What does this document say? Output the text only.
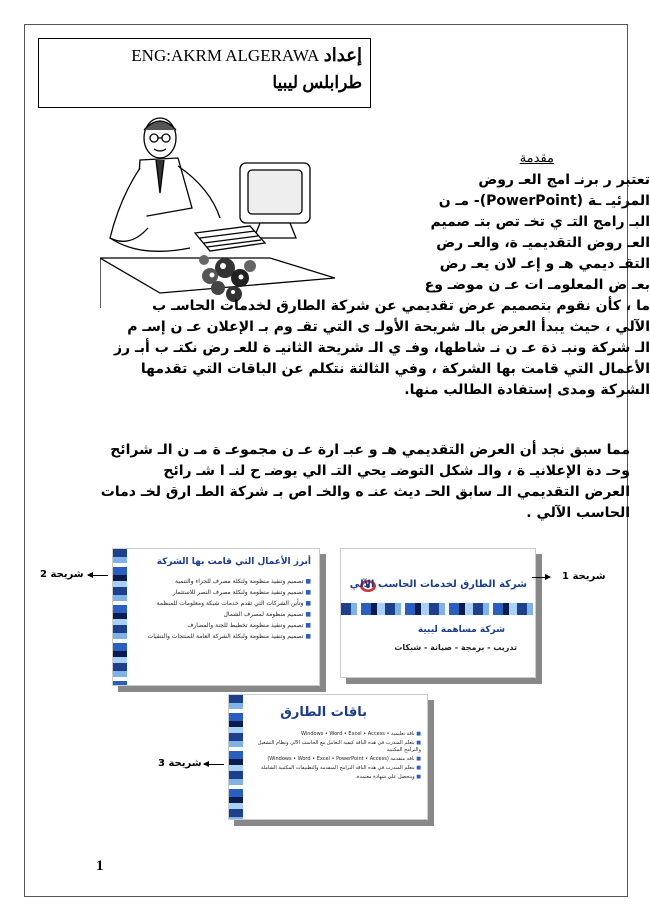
إعداد ENG:AKRM ALGERAWA
طرابلس ليبيا
مقدمة
تعتبر ر برنـ امج العـ روض
المرئيـ ـة (PowerPoint)- مـ ن
البـ رامج التـ ي تخـ تص بتـ صميم
العـ روض التقديميـ ة، والعـ رض
التقـ ديمي هـ و إعـ لان يعـ رض
بعـ ض المعلومـ ات عـ ن موضـ وع
ما ، كأن نقوم بتصميم عرض تقديمي عن شركة الطارق لخدمات الحاسـ ب
الآلي ، حيث يبدأ العرض بالـ شريحة الأولـ ى التي تقـ وم بـ الإعلان عـ ن إسـ م
الـ شركة ونبـ ذة عـ ن نـ شاطها، وفـ ي الـ شريحة الثانيـ ة للعـ رض نكتـ ب أبـ رز
الأعمال التي قامت بها الشركة ، وفي الثالثة نتكلم عن الباقات التي تقدمها
الشركة ومدى إستفادة الطالب منها.
مما سبق نجد أن العرض التقديمي هـ و عبـ ارة عـ ن مجموعـ ة مـ ن الـ شرائح
وحـ دة الإعلانيـ ة ، والـ شكل التوضـ يحي التـ الي يوضـ ح لنـ ا شـ رائح
العرض التقديمي الـ سابق الحـ ديث عنـ ه والخـ اص بـ شركة الطـ ارق لخـ دمات
الحاسب الآلي .
أبرز الأعمال التي قامت بها الشركة
■ تصميم وتنفيذ منظومة ولنكلة مصرف للجزاء والتنمية
■ تصميم وتنفيذ منظومة ولنكلة مصرف النصر للاستثمار
■ وتأين الشركات التي تقدم خدمات شبكة ومعلومات للمنظمة
■ تصميم منظومة لمصرف الشمال
■ تصميم وتنفيذ منظومة تخطيط للجنة والمصارف
■ تصميم وتنفيذ منظومة ولنكلة الشركة العامة للمنتجات والتنقيات
شريحة 2
شركة الطارق لخدمات الحاسب الآلي
شركة مساهمة ليبية
تدريب - برمجة - صيانة - شبكات
شريحة 1
باقات الطارق
■ باقة تعليمية • Windows • Word • Excel • Access
■ يتعلم المتدرب في هذه الباقة كيفية التعامل مع الحاسب الآلي ونظام التشغيل والبرامج المكتبية
■ باقة متقدمة (Windows • Word • Excel • PowerPoint • Access)
■ يتعلم المتدرب في هذه الباقة البرامج المتقدمة والتطبيقات المكتبية الشاملة
■ ويتحصل على شهادة معتمدة.
شريحة 3
1
